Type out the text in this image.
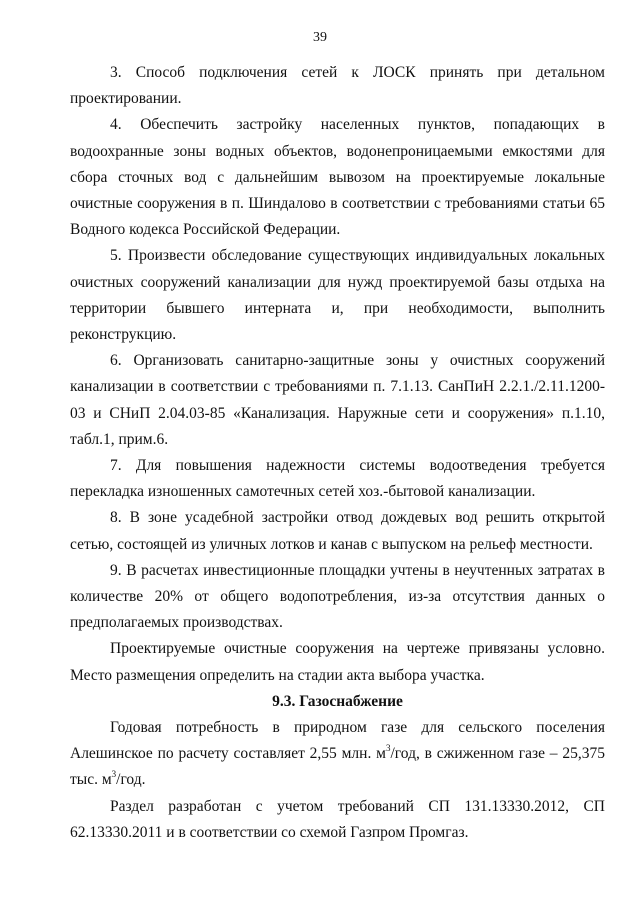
39

3. Способ подключения сетей к ЛОСК принять при детальном проектировании.

4. Обеспечить застройку населенных пунктов, попадающих в водоохранные зоны водных объектов, водонепроницаемыми емкостями для сбора сточных вод с дальнейшим вывозом на проектируемые локальные очистные сооружения в п. Шиндалово в соответствии с требованиями статьи 65 Водного кодекса Российской Федерации.

5. Произвести обследование существующих индивидуальных локальных очистных сооружений канализации для нужд проектируемой базы отдыха на территории бывшего интерната и, при необходимости, выполнить реконструкцию.

6. Организовать санитарно-защитные зоны у очистных сооружений канализации в соответствии с требованиями п. 7.1.13. СанПиН 2.2.1./2.11.1200-03 и СНиП 2.04.03-85 «Канализация. Наружные сети и сооружения» п.1.10, табл.1, прим.6.

7. Для повышения надежности системы водоотведения требуется перекладка изношенных самотечных сетей хоз.-бытовой канализации.

8. В зоне усадебной застройки отвод дождевых вод решить открытой сетью, состоящей из уличных лотков и канав с выпуском на рельеф местности.

9. В расчетах инвестиционные площадки учтены в неучтенных затратах в количестве 20% от общего водопотребления, из-за отсутствия данных о предполагаемых производствах.

Проектируемые очистные сооружения на чертеже привязаны условно. Место размещения определить на стадии акта выбора участка.

9.3. Газоснабжение

Годовая потребность в природном газе для сельского поселения Алешинское по расчету составляет 2,55 млн. $м^3$/год, в сжиженном газе – 25,375 тыс. $м^3$/год.

Раздел разработан с учетом требований СП 131.13330.2012, СП 62.13330.2011 и в соответствии со схемой Газпром Промгаз.
